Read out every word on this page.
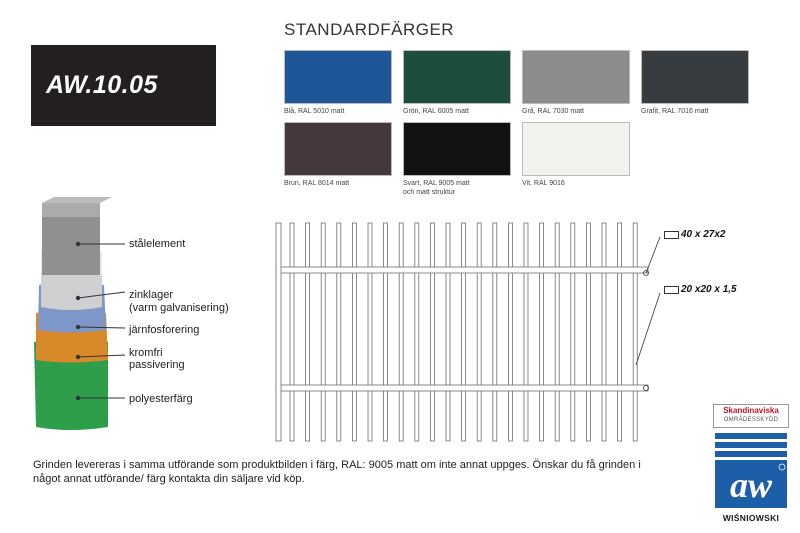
AW.10.05
STANDARDFÄRGER
Blå, RAL 5010 matt	Grön, RAL 6005 matt	Grå, RAL 7030 matt	Grafit, RAL 7016 matt
Brun, RAL 8014 matt	Svart, RAL 9005 matt
och matt struktur
Vit, RAL 9016
stålelement
zinklager
(varm galvanisering)
järnfosforering
kromfri
passivering
polyesterfärg
40 x 27x2
20 x20 x 1,5
Grinden levereras i samma utförande som produktbilden i färg, RAL: 9005 matt om inte annat uppges. Önskar du få grinden i något annat utförande/ färg kontakta din säljare vid köp.
Skandinaviska
OMRÅDESSKYDD
aw
WIŚNIOWSKI
